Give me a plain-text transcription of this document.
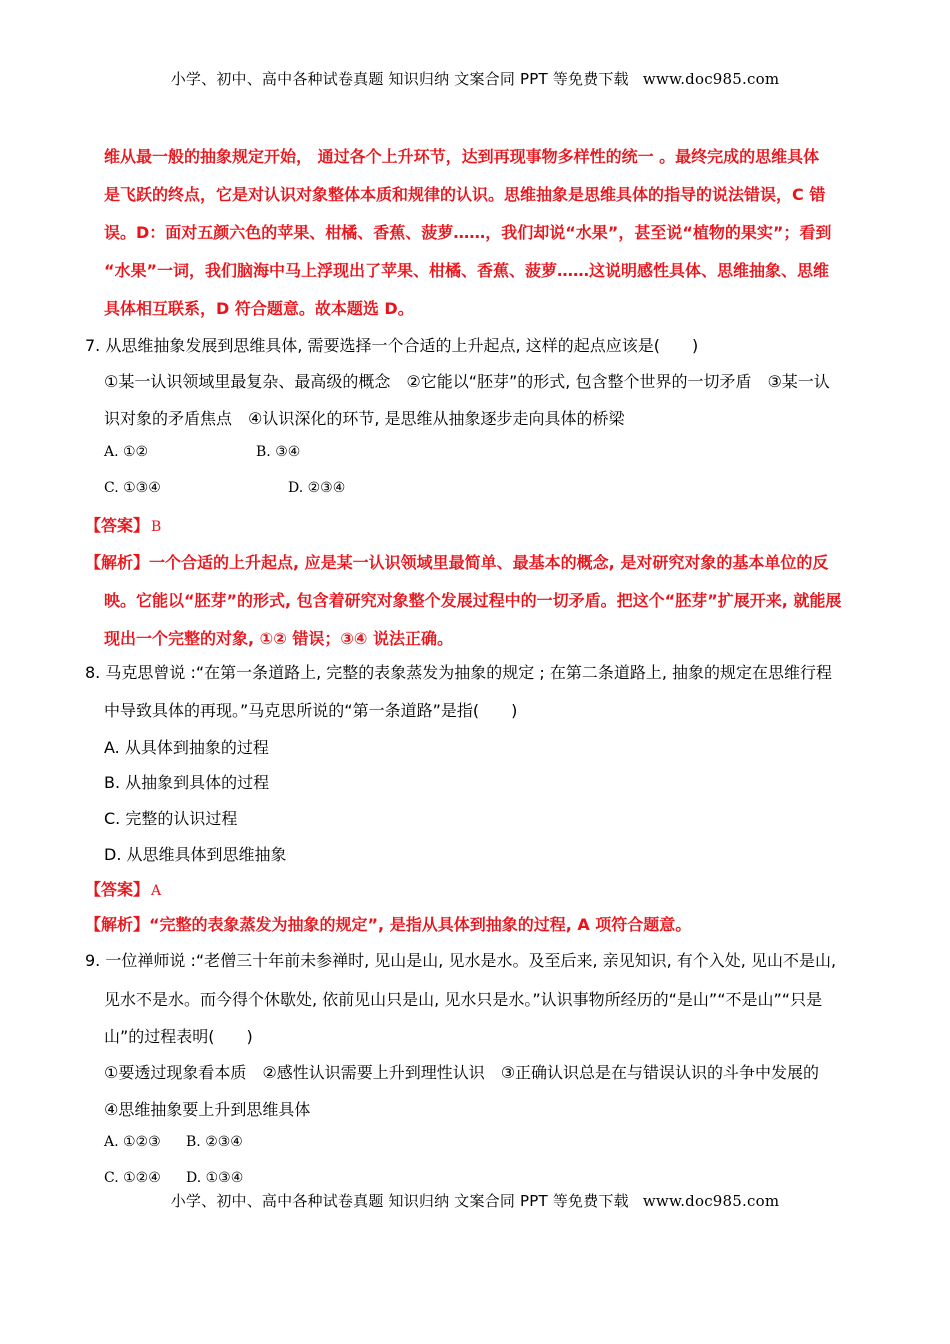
小学、初中、高中各种试卷真题 知识归纳 文案合同 PPT 等免费下载 www.doc985.com
维从最一般的抽象规定开始， 通过各个上升环节，达到再现事物多样性的统一 。最终完成的思维具体
是飞跃的终点，它是对认识对象整体本质和规律的认识。思维抽象是思维具体的指导的说法错误，C 错
误。D：面对五颜六色的苹果、柑橘、香蕉、菠萝……，我们却说“水果”，甚至说“植物的果实”；看到
“水果”一词，我们脑海中马上浮现出了苹果、柑橘、香蕉、菠萝……这说明感性具体、思维抽象、思维
具体相互联系，D 符合题意。故本题选 D。
7. 从思维抽象发展到思维具体, 需要选择一个合适的上升起点, 这样的起点应该是(　　)
①某一认识领域里最复杂、最高级的概念　②它能以“胚芽”的形式, 包含整个世界的一切矛盾　③某一认
识对象的矛盾焦点　④认识深化的环节, 是思维从抽象逐步走向具体的桥梁
A. ①②	B. ③④
C. ①③④	D. ②③④
【答案】 B
【解析】一个合适的上升起点, 应是某一认识领域里最简单、最基本的概念, 是对研究对象的基本单位的反
映。它能以“胚芽”的形式, 包含着研究对象整个发展过程中的一切矛盾。把这个“胚芽”扩展开来, 就能展
现出一个完整的对象, ①② 错误；③④ 说法正确。
8. 马克思曾说 :“在第一条道路上, 完整的表象蒸发为抽象的规定 ; 在第二条道路上, 抽象的规定在思维行程
中导致具体的再现。”马克思所说的“第一条道路”是指(　　)
A. 从具体到抽象的过程
B. 从抽象到具体的过程
C. 完整的认识过程
D. 从思维具体到思维抽象
【答案】 A
【解析】“完整的表象蒸发为抽象的规定”, 是指从具体到抽象的过程, A 项符合题意。
9. 一位禅师说 :“老僧三十年前未参禅时, 见山是山, 见水是水。及至后来, 亲见知识, 有个入处, 见山不是山,
见水不是水。而今得个休歇处, 依前见山只是山, 见水只是水。”认识事物所经历的“是山”“不是山”“只是
山”的过程表明(　　)
①要透过现象看本质　②感性认识需要上升到理性认识　③正确认识总是在与错误认识的斗争中发展的
④思维抽象要上升到思维具体
A. ①②③ B. ②③④
C. ①②④ D. ①③④
小学、初中、高中各种试卷真题 知识归纳 文案合同 PPT 等免费下载 www.doc985.com
